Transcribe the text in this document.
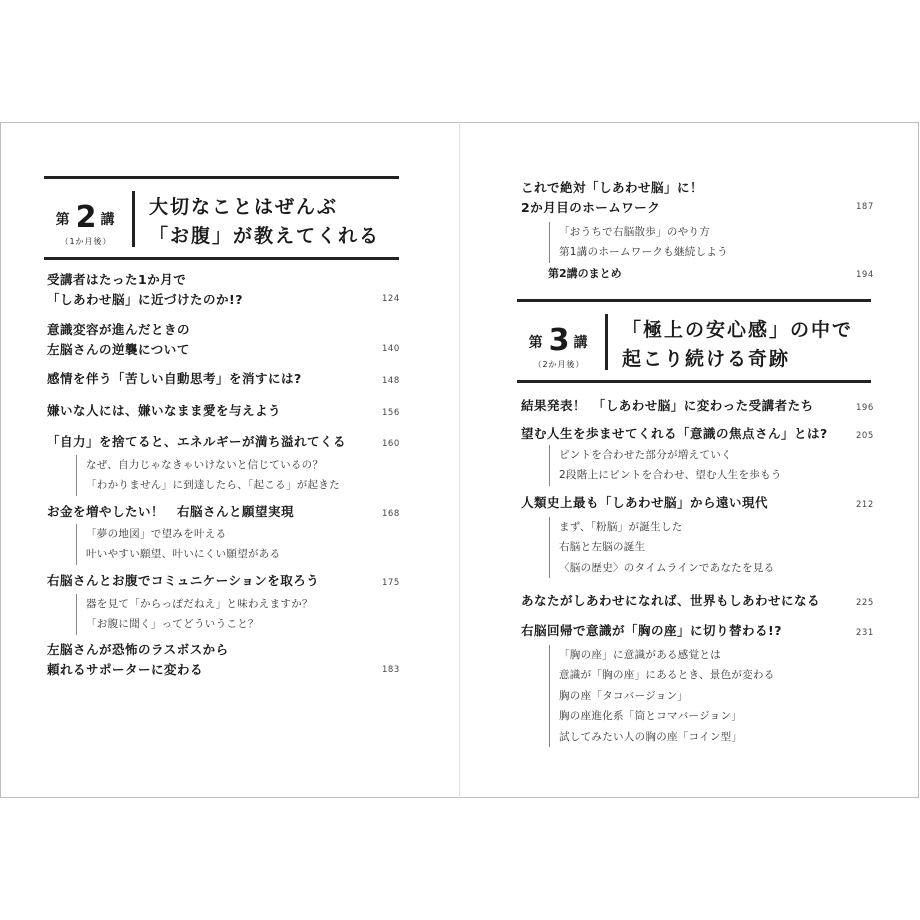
第 2 講
（1か月後）
大切なことはぜんぶ
「お腹」が教えてくれる
受講者はたった1か月で
「しあわせ脳」に近づけたのか!?	124
意識変容が進んだときの
左脳さんの逆襲について	140
感情を伴う「苦しい自動思考」を消すには?	148
嫌いな人には、嫌いなまま愛を与えよう	156
「自力」を捨てると、エネルギーが満ち溢れてくる	160
なぜ、自力じゃなきゃいけないと信じているの？
「わかりません」に到達したら、「起こる」が起きた
お金を増やしたい！　右脳さんと願望実現	168
「夢の地図」で望みを叶える
叶いやすい願望、叶いにくい願望がある
右脳さんとお腹でコミュニケーションを取ろう	175
器を見て「からっぽだねえ」と味わえますか？
「お腹に聞く」ってどういうこと？
左脳さんが恐怖のラスボスから
頼れるサポーターに変わる	183
これで絶対「しあわせ脳」に！
2か月目のホームワーク	187
「おうちで右脳散歩」のやり方
第1講のホームワークも継続しよう
第2講のまとめ	194
第 3 講
（2か月後）
「極上の安心感」の中で
起こり続ける奇跡
結果発表！　「しあわせ脳」に変わった受講者たち	196
望む人生を歩ませてくれる「意識の焦点さん」とは?	205
ピントを合わせた部分が増えていく
2段階上にピントを合わせ、望む人生を歩もう
人類史上最も「しあわせ脳」から遠い現代	212
まず、「粉脳」が誕生した
右脳と左脳の誕生
〈脳の歴史〉のタイムラインであなたを見る
あなたがしあわせになれば、世界もしあわせになる	225
右脳回帰で意識が「胸の座」に切り替わる!?	231
「胸の座」に意識がある感覚とは
意識が「胸の座」にあるとき、景色が変わる
胸の座「タコバージョン」
胸の座進化系「筒とコマバージョン」
試してみたい人の胸の座「コイン型」
